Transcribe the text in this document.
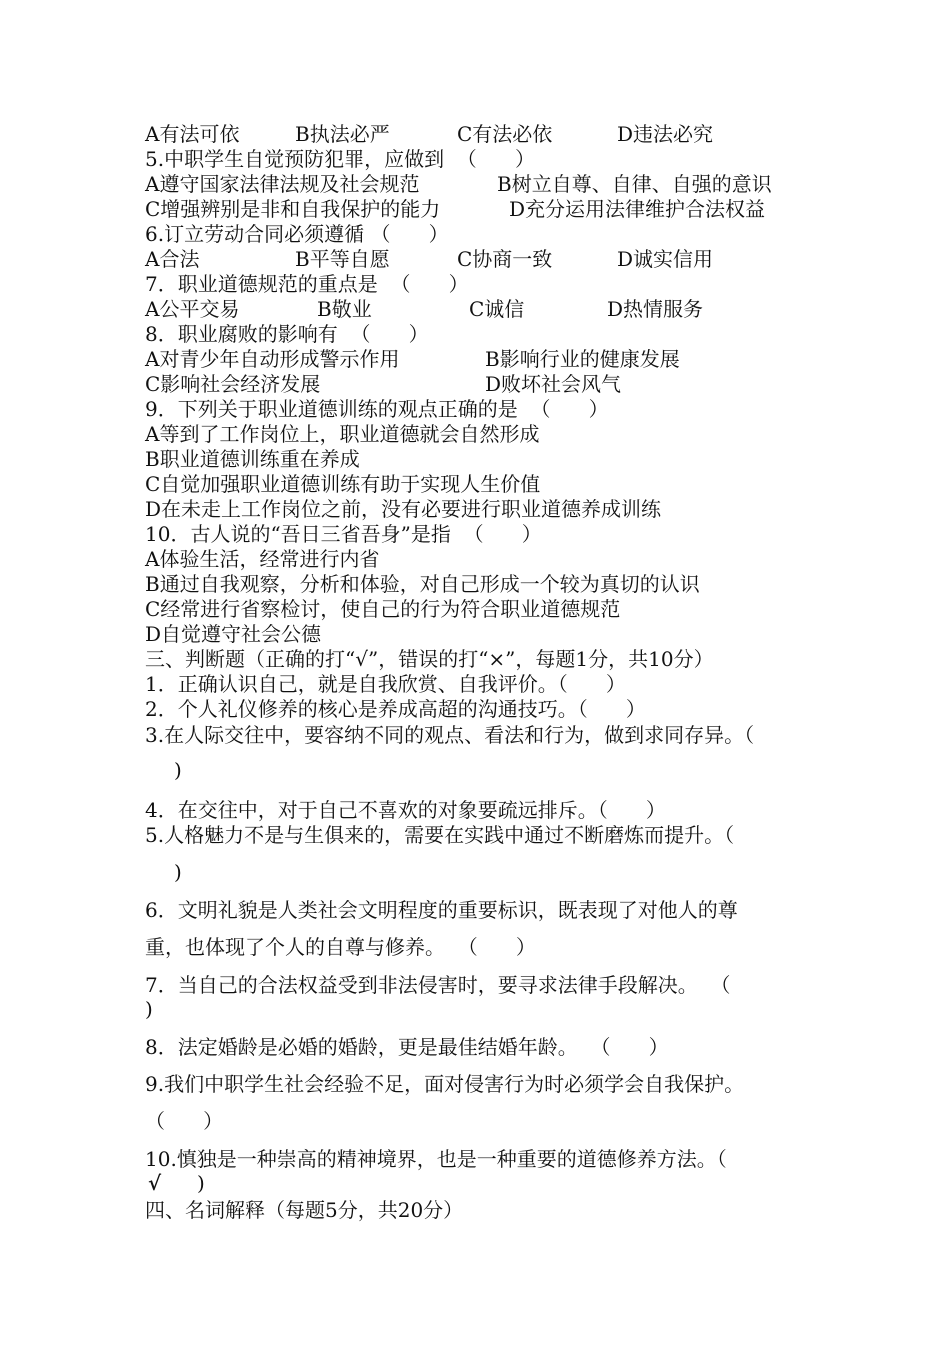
A有法可依	B执法必严	C有法必依	D违法必究
5.中职学生自觉预防犯罪，应做到  （      ）
A遵守国家法律法规及社会规范	B树立自尊、自律、自强的意识
C增强辨别是非和自我保护的能力	D充分运用法律维护合法权益
6.订立劳动合同必须遵循 （      ）
A合法	B平等自愿	C协商一致	D诚实信用
7．职业道德规范的重点是  （      ）
A公平交易	B敬业	C诚信	D热情服务
8．职业腐败的影响有  （      ）
A对青少年自动形成警示作用	B影响行业的健康发展
C影响社会经济发展	D败坏社会风气
9．下列关于职业道德训练的观点正确的是  （      ）
A等到了工作岗位上，职业道德就会自然形成
B职业道德训练重在养成
C自觉加强职业道德训练有助于实现人生价值
D在未走上工作岗位之前，没有必要进行职业道德养成训练
10．古人说的“吾日三省吾身”是指  （      ）
A体验生活，经常进行内省
B通过自我观察，分析和体验，对自己形成一个较为真切的认识
C经常进行省察检讨，使自己的行为符合职业道德规范
D自觉遵守社会公德
三、判断题（正确的打“√”，错误的打“×”，每题1分，共10分）
1．正确认识自己，就是自我欣赏、自我评价。（      ）
2．个人礼仪修养的核心是养成高超的沟通技巧。（      ）
3.在人际交往中，要容纳不同的观点、看法和行为，做到求同存异。（
)
4．在交往中，对于自己不喜欢的对象要疏远排斥。（      ）
5.人格魅力不是与生俱来的，需要在实践中通过不断磨炼而提升。（
)
6．文明礼貌是人类社会文明程度的重要标识，既表现了对他人的尊
重，也体现了个人的自尊与修养。  （      ）
7．当自己的合法权益受到非法侵害时，要寻求法律手段解决。  （
)
8．法定婚龄是必婚的婚龄，更是最佳结婚年龄。  （      ）
9.我们中职学生社会经验不足，面对侵害行为时必须学会自我保护。
（      ）
10.慎独是一种崇高的精神境界，也是一种重要的道德修养方法。（
√ )
四、名词解释（每题5分，共20分）
